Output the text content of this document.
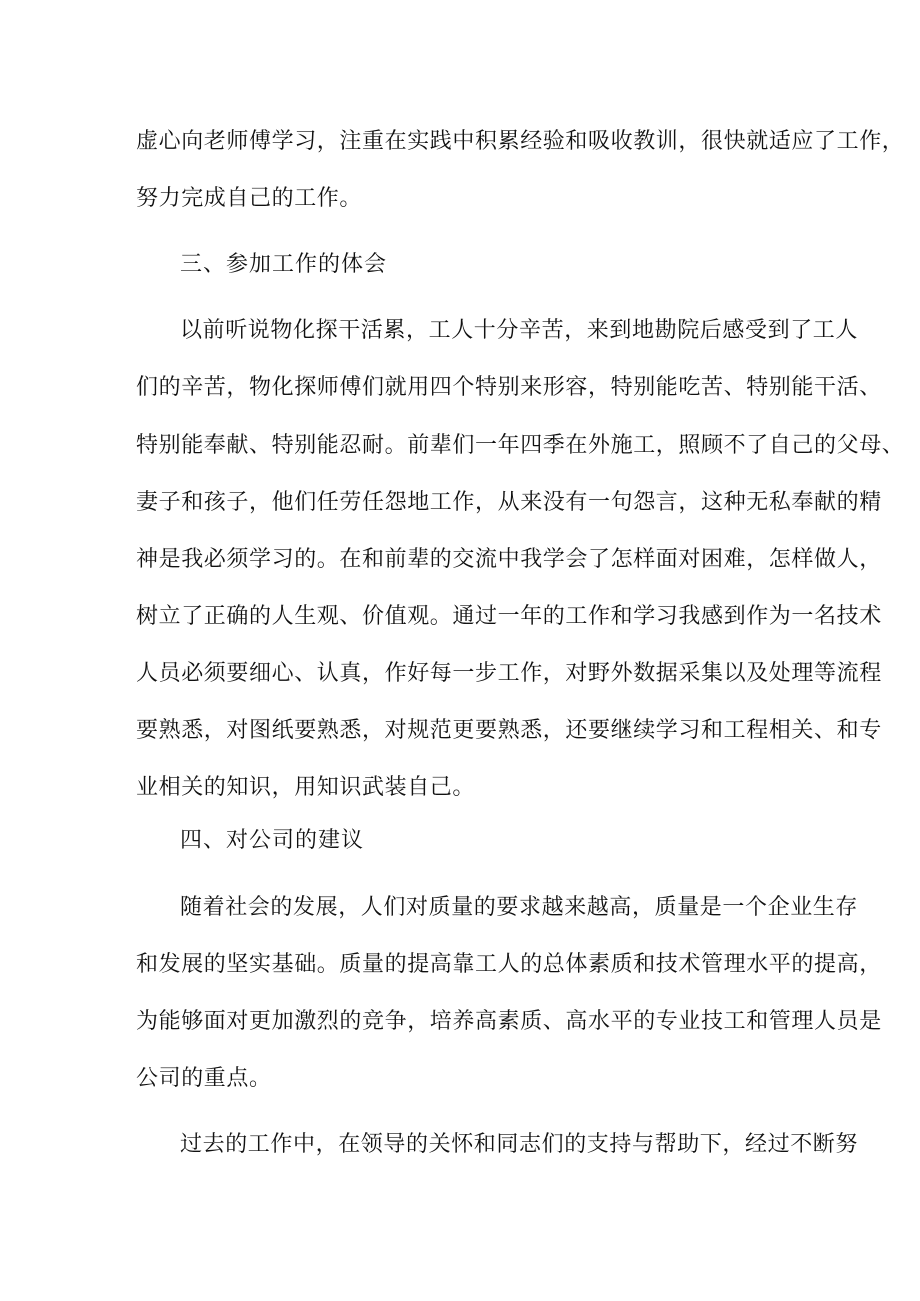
虚心向老师傅学习，注重在实践中积累经验和吸收教训，很快就适应了工作，
努力完成自己的工作。
三、参加工作的体会
以前听说物化探干活累，工人十分辛苦，来到地勘院后感受到了工人
们的辛苦，物化探师傅们就用四个特别来形容，特别能吃苦、特别能干活、
特别能奉献、特别能忍耐。前辈们一年四季在外施工，照顾不了自己的父母、
妻子和孩子，他们任劳任怨地工作，从来没有一句怨言，这种无私奉献的精
神是我必须学习的。在和前辈的交流中我学会了怎样面对困难，怎样做人，
树立了正确的人生观、价值观。通过一年的工作和学习我感到作为一名技术
人员必须要细心、认真，作好每一步工作，对野外数据采集以及处理等流程
要熟悉，对图纸要熟悉，对规范更要熟悉，还要继续学习和工程相关、和专
业相关的知识，用知识武装自己。
四、对公司的建议
随着社会的发展，人们对质量的要求越来越高，质量是一个企业生存
和发展的坚实基础。质量的提高靠工人的总体素质和技术管理水平的提高，
为能够面对更加激烈的竞争，培养高素质、高水平的专业技工和管理人员是
公司的重点。
过去的工作中，在领导的关怀和同志们的支持与帮助下，经过不断努
